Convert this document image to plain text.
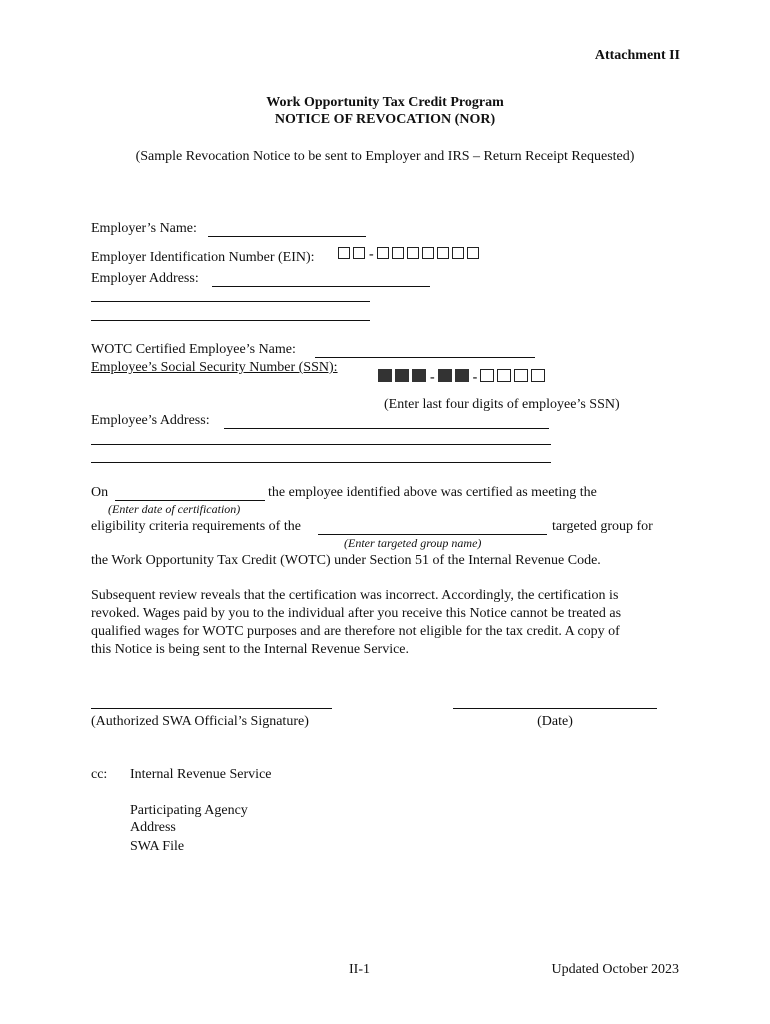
Attachment II
Work Opportunity Tax Credit Program
NOTICE OF REVOCATION (NOR)
(Sample Revocation Notice to be sent to Employer and IRS – Return Receipt Requested)
Employer’s Name:
Employer Identification Number (EIN):	-
Employer Address:
WOTC Certified Employee’s Name:
Employee’s Social Security Number (SSN):
-	-
(Enter last four digits of employee’s SSN)
Employee’s Address:
On	the employee identified above was certified as meeting the
(Enter date of certification)
eligibility criteria requirements of the	targeted group for
(Enter targeted group name)
the Work Opportunity Tax Credit (WOTC) under Section 51 of the Internal Revenue Code.
Subsequent review reveals that the certification was incorrect. Accordingly, the certification is
revoked. Wages paid by you to the individual after you receive this Notice cannot be treated as
qualified wages for WOTC purposes and are therefore not eligible for the tax credit. A copy of
this Notice is being sent to the Internal Revenue Service.
(Authorized SWA Official’s Signature)	(Date)
cc: Internal Revenue Service
Participating Agency
Address
SWA File
II-1	Updated October 2023
